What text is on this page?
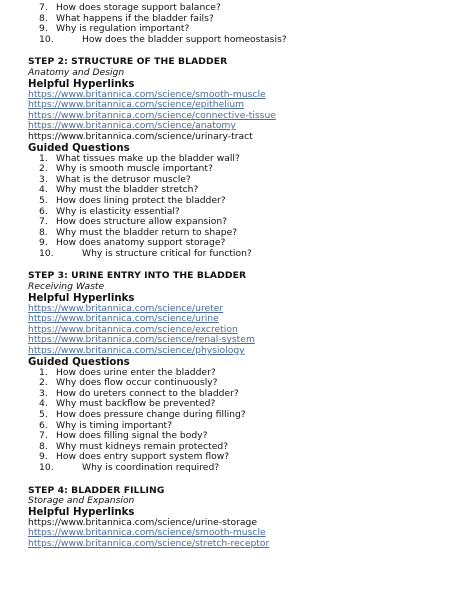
7. How does storage support balance?
8. What happens if the bladder fails?
9. Why is regulation important?
10.	How does the bladder support homeostasis?
STEP 2: STRUCTURE OF THE BLADDER
Anatomy and Design
Helpful Hyperlinks
https://www.britannica.com/science/smooth-muscle
https://www.britannica.com/science/epithelium
https://www.britannica.com/science/connective-tissue
https://www.britannica.com/science/anatomy
https://www.britannica.com/science/urinary-tract
Guided Questions
1. What tissues make up the bladder wall?
2. Why is smooth muscle important?
3. What is the detrusor muscle?
4. Why must the bladder stretch?
5. How does lining protect the bladder?
6. Why is elasticity essential?
7. How does structure allow expansion?
8. Why must the bladder return to shape?
9. How does anatomy support storage?
10.	Why is structure critical for function?
STEP 3: URINE ENTRY INTO THE BLADDER
Receiving Waste
Helpful Hyperlinks
https://www.britannica.com/science/ureter
https://www.britannica.com/science/urine
https://www.britannica.com/science/excretion
https://www.britannica.com/science/renal-system
https://www.britannica.com/science/physiology
Guided Questions
1. How does urine enter the bladder?
2. Why does flow occur continuously?
3. How do ureters connect to the bladder?
4. Why must backflow be prevented?
5. How does pressure change during filling?
6. Why is timing important?
7. How does filling signal the body?
8. Why must kidneys remain protected?
9. How does entry support system flow?
10.	Why is coordination required?
STEP 4: BLADDER FILLING
Storage and Expansion
Helpful Hyperlinks
https://www.britannica.com/science/urine-storage
https://www.britannica.com/science/smooth-muscle
https://www.britannica.com/science/stretch-receptor
